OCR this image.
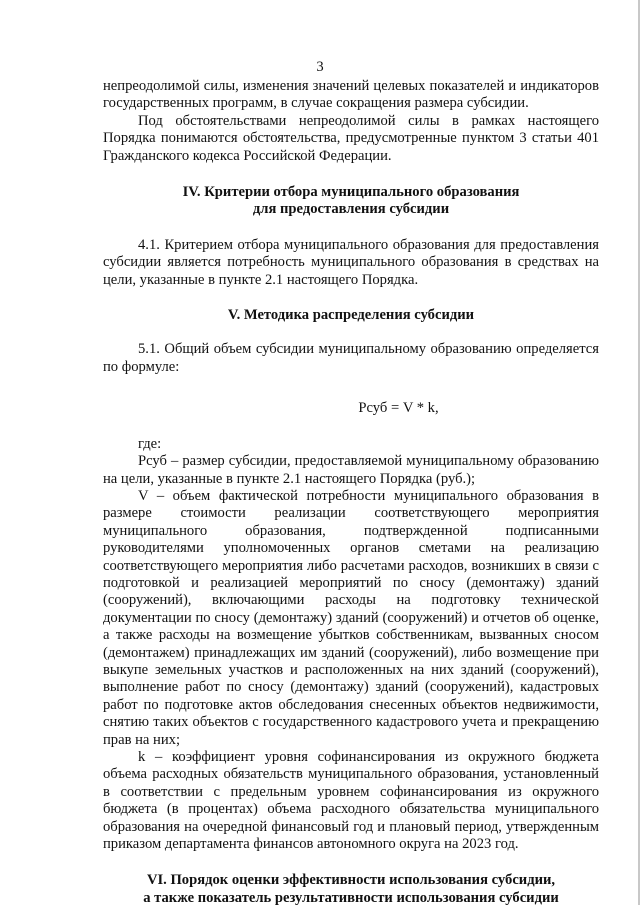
3

непреодолимой силы, изменения значений целевых показателей и индикаторов государственных программ, в случае сокращения размера субсидии.

Под обстоятельствами непреодолимой силы в рамках настоящего Порядка понимаются обстоятельства, предусмотренные пунктом 3 статьи 401 Гражданского кодекса Российской Федерации.

IV. Критерии отбора муниципального образования
для предоставления субсидии

4.1. Критерием отбора муниципального образования для предоставления субсидии является потребность муниципального образования в средствах на цели, указанные в пункте 2.1 настоящего Порядка.

V. Методика распределения субсидии

5.1. Общий объем субсидии муниципальному образованию определяется по формуле:

Рсуб = V * k,

где:

Рсуб – размер субсидии, предоставляемой муниципальному образованию на цели, указанные в пункте 2.1 настоящего Порядка (руб.);

V – объем фактической потребности муниципального образования в размере стоимости реализации соответствующего мероприятия муниципального образования, подтвержденной подписанными руководителями уполномоченных органов сметами на реализацию соответствующего мероприятия либо расчетами расходов, возникших в связи с подготовкой и реализацией мероприятий по сносу (демонтажу) зданий (сооружений), включающими расходы на подготовку технической документации по сносу (демонтажу) зданий (сооружений) и отчетов об оценке, а также расходы на возмещение убытков собственникам, вызванных сносом (демонтажем) принадлежащих им зданий (сооружений), либо возмещение при выкупе земельных участков и расположенных на них зданий (сооружений), выполнение работ по сносу (демонтажу) зданий (сооружений), кадастровых работ по подготовке актов обследования снесенных объектов недвижимости, снятию таких объектов с государственного кадастрового учета и прекращению прав на них;

k – коэффициент уровня софинансирования из окружного бюджета объема расходных обязательств муниципального образования, установленный в соответствии с предельным уровнем софинансирования из окружного бюджета (в процентах) объема расходного обязательства муниципального образования на очередной финансовый год и плановый период, утвержденным приказом департамента финансов автономного округа на 2023 год.

VI. Порядок оценки эффективности использования субсидии,
а также показатель результативности использования субсидии
